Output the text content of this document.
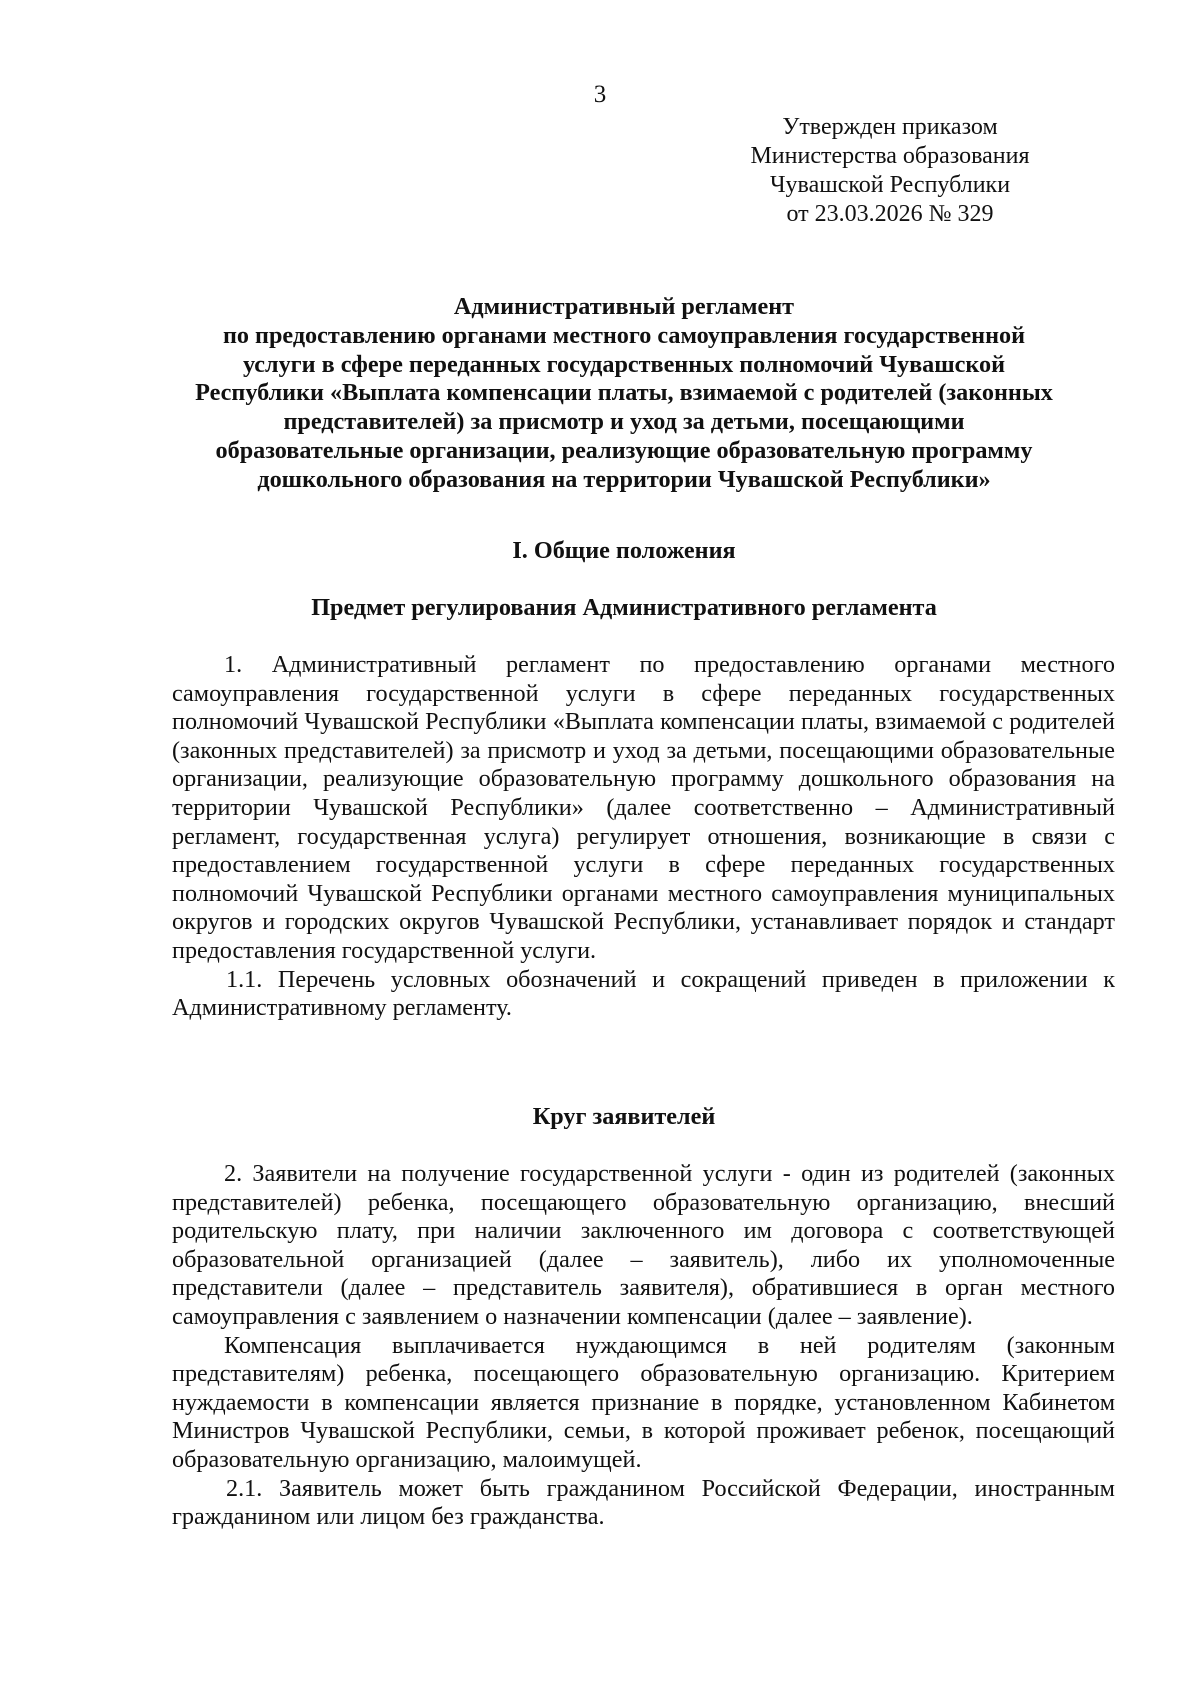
3
Утвержден приказом
Министерства образования
Чувашской Республики
от 23.03.2026 № 329
Административный регламент
по предоставлению органами местного самоуправления государственной
услуги в сфере переданных государственных полномочий Чувашской
Республики «Выплата компенсации платы, взимаемой с родителей (законных
представителей) за присмотр и уход за детьми, посещающими
образовательные организации, реализующие образовательную программу
дошкольного образования на территории Чувашской Республики»
I. Общие положения
Предмет регулирования Административного регламента

1. Административный регламент по предоставлению органами местного самоуправления государственной услуги в сфере переданных государственных полномочий Чувашской Республики «Выплата компенсации платы, взимаемой с родителей (законных представителей) за присмотр и уход за детьми, посещающими образовательные организации, реализующие образовательную программу дошкольного образования на территории Чувашской Республики» (далее соответственно – Административный регламент, государственная услуга) регулирует отношения, возникающие в связи с предоставлением государственной услуги в сфере переданных государственных полномочий Чувашской Республики органами местного самоуправления муниципальных округов и городских округов Чувашской Республики, устанавливает порядок и стандарт предоставления государственной услуги.

1.1. Перечень условных обозначений и сокращений приведен в приложении к Административному регламенту.

Круг заявителей

2. Заявители на получение государственной услуги - один из родителей (законных представителей) ребенка, посещающего образовательную организацию, внесший родительскую плату, при наличии заключенного им договора с соответствующей образовательной организацией (далее – заявитель), либо их уполномоченные представители (далее – представитель заявителя), обратившиеся в орган местного самоуправления с заявлением о назначении компенсации (далее – заявление).

Компенсация выплачивается нуждающимся в ней родителям (законным представителям) ребенка, посещающего образовательную организацию. Критерием нуждаемости в компенсации является признание в порядке, установленном Кабинетом Министров Чувашской Республики, семьи, в которой проживает ребенок, посещающий образовательную организацию, малоимущей.

2.1. Заявитель может быть гражданином Российской Федерации, иностранным гражданином или лицом без гражданства.
